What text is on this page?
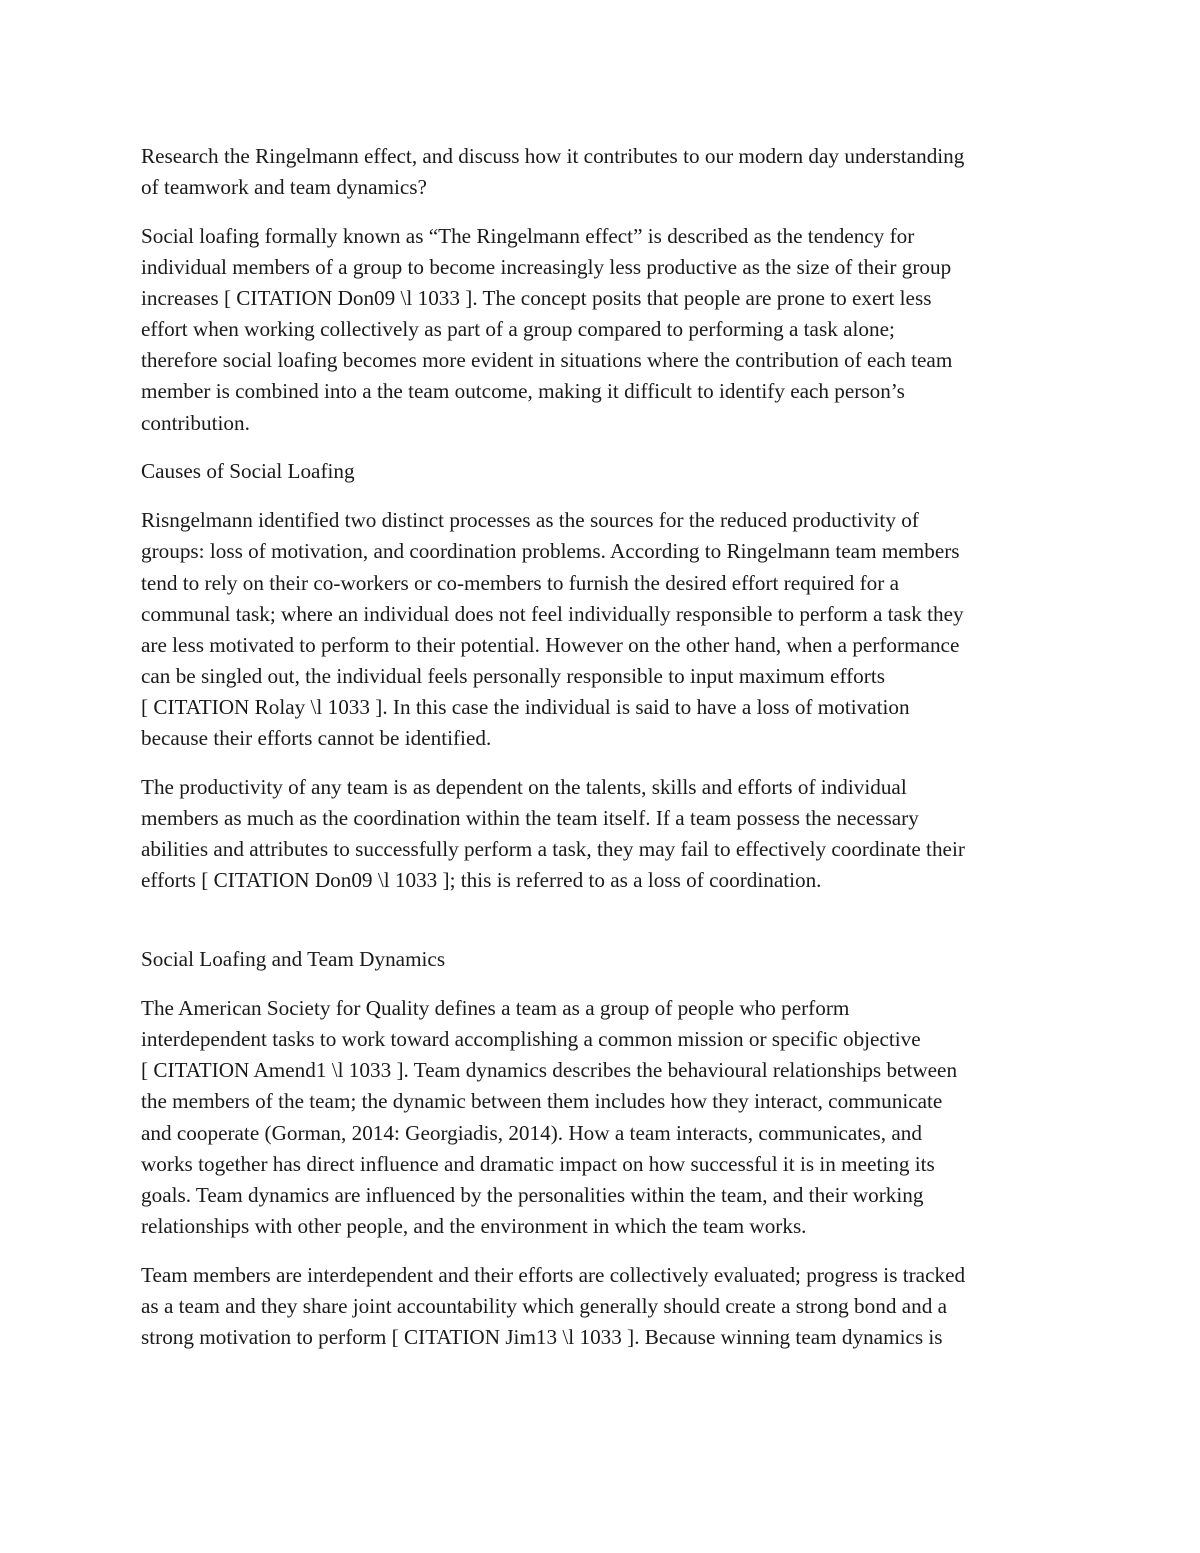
Research the Ringelmann effect, and discuss how it contributes to our modern day understanding
of teamwork and team dynamics?

Social loafing formally known as “The Ringelmann effect” is described as the tendency for
individual members of a group to become increasingly less productive as the size of their group
increases [ CITATION Don09 \l 1033 ]. The concept posits that people are prone to exert less
effort when working collectively as part of a group compared to performing a task alone;
therefore social loafing becomes more evident in situations where the contribution of each team
member is combined into a the team outcome, making it difficult to identify each person’s
contribution.

Causes of Social Loafing

Risngelmann identified two distinct processes as the sources for the reduced productivity of
groups: loss of motivation, and coordination problems. According to Ringelmann team members
tend to rely on their co-workers or co-members to furnish the desired effort required for a
communal task; where an individual does not feel individually responsible to perform a task they
are less motivated to perform to their potential. However on the other hand, when a performance
can be singled out, the individual feels personally responsible to input maximum efforts
[ CITATION Rolay \l 1033 ]. In this case the individual is said to have a loss of motivation
because their efforts cannot be identified.

The productivity of any team is as dependent on the talents, skills and efforts of individual
members as much as the coordination within the team itself. If a team possess the necessary
abilities and attributes to successfully perform a task, they may fail to effectively coordinate their
efforts [ CITATION Don09 \l 1033 ]; this is referred to as a loss of coordination.

Social Loafing and Team Dynamics

The American Society for Quality defines a team as a group of people who perform
interdependent tasks to work toward accomplishing a common mission or specific objective
[ CITATION Amend1 \l 1033 ]. Team dynamics describes the behavioural relationships between
the members of the team; the dynamic between them includes how they interact, communicate
and cooperate (Gorman, 2014: Georgiadis, 2014). How a team interacts, communicates, and
works together has direct influence and dramatic impact on how successful it is in meeting its
goals. Team dynamics are influenced by the personalities within the team, and their working
relationships with other people, and the environment in which the team works.

Team members are interdependent and their efforts are collectively evaluated; progress is tracked
as a team and they share joint accountability which generally should create a strong bond and a
strong motivation to perform [ CITATION Jim13 \l 1033 ]. Because winning team dynamics is
